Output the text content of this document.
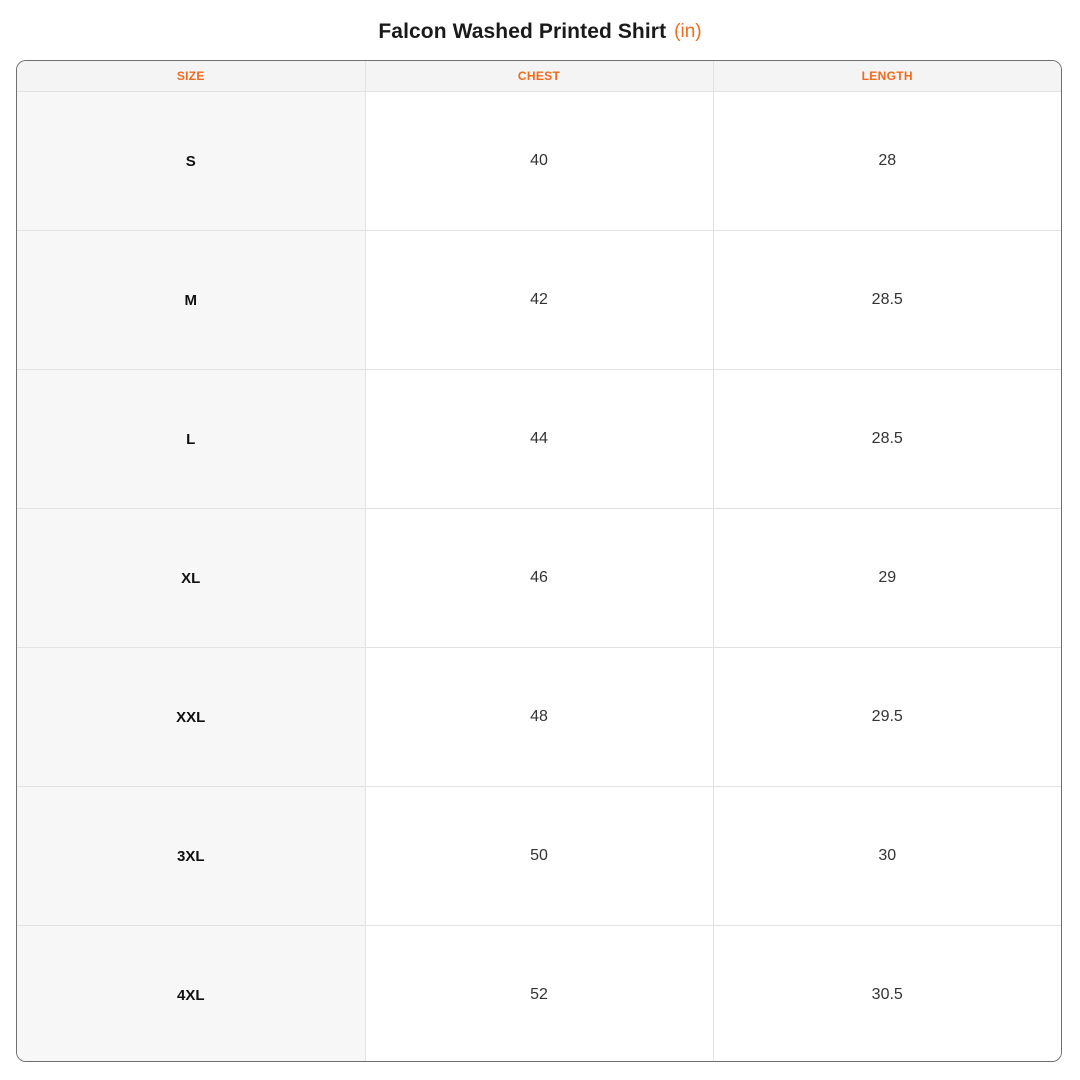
Falcon Washed Printed Shirt (in)
SIZE	CHEST	LENGTH
S	40	28
M	42	28.5
L	44	28.5
XL	46	29
XXL	48	29.5
3XL	50	30
4XL	52	30.5
